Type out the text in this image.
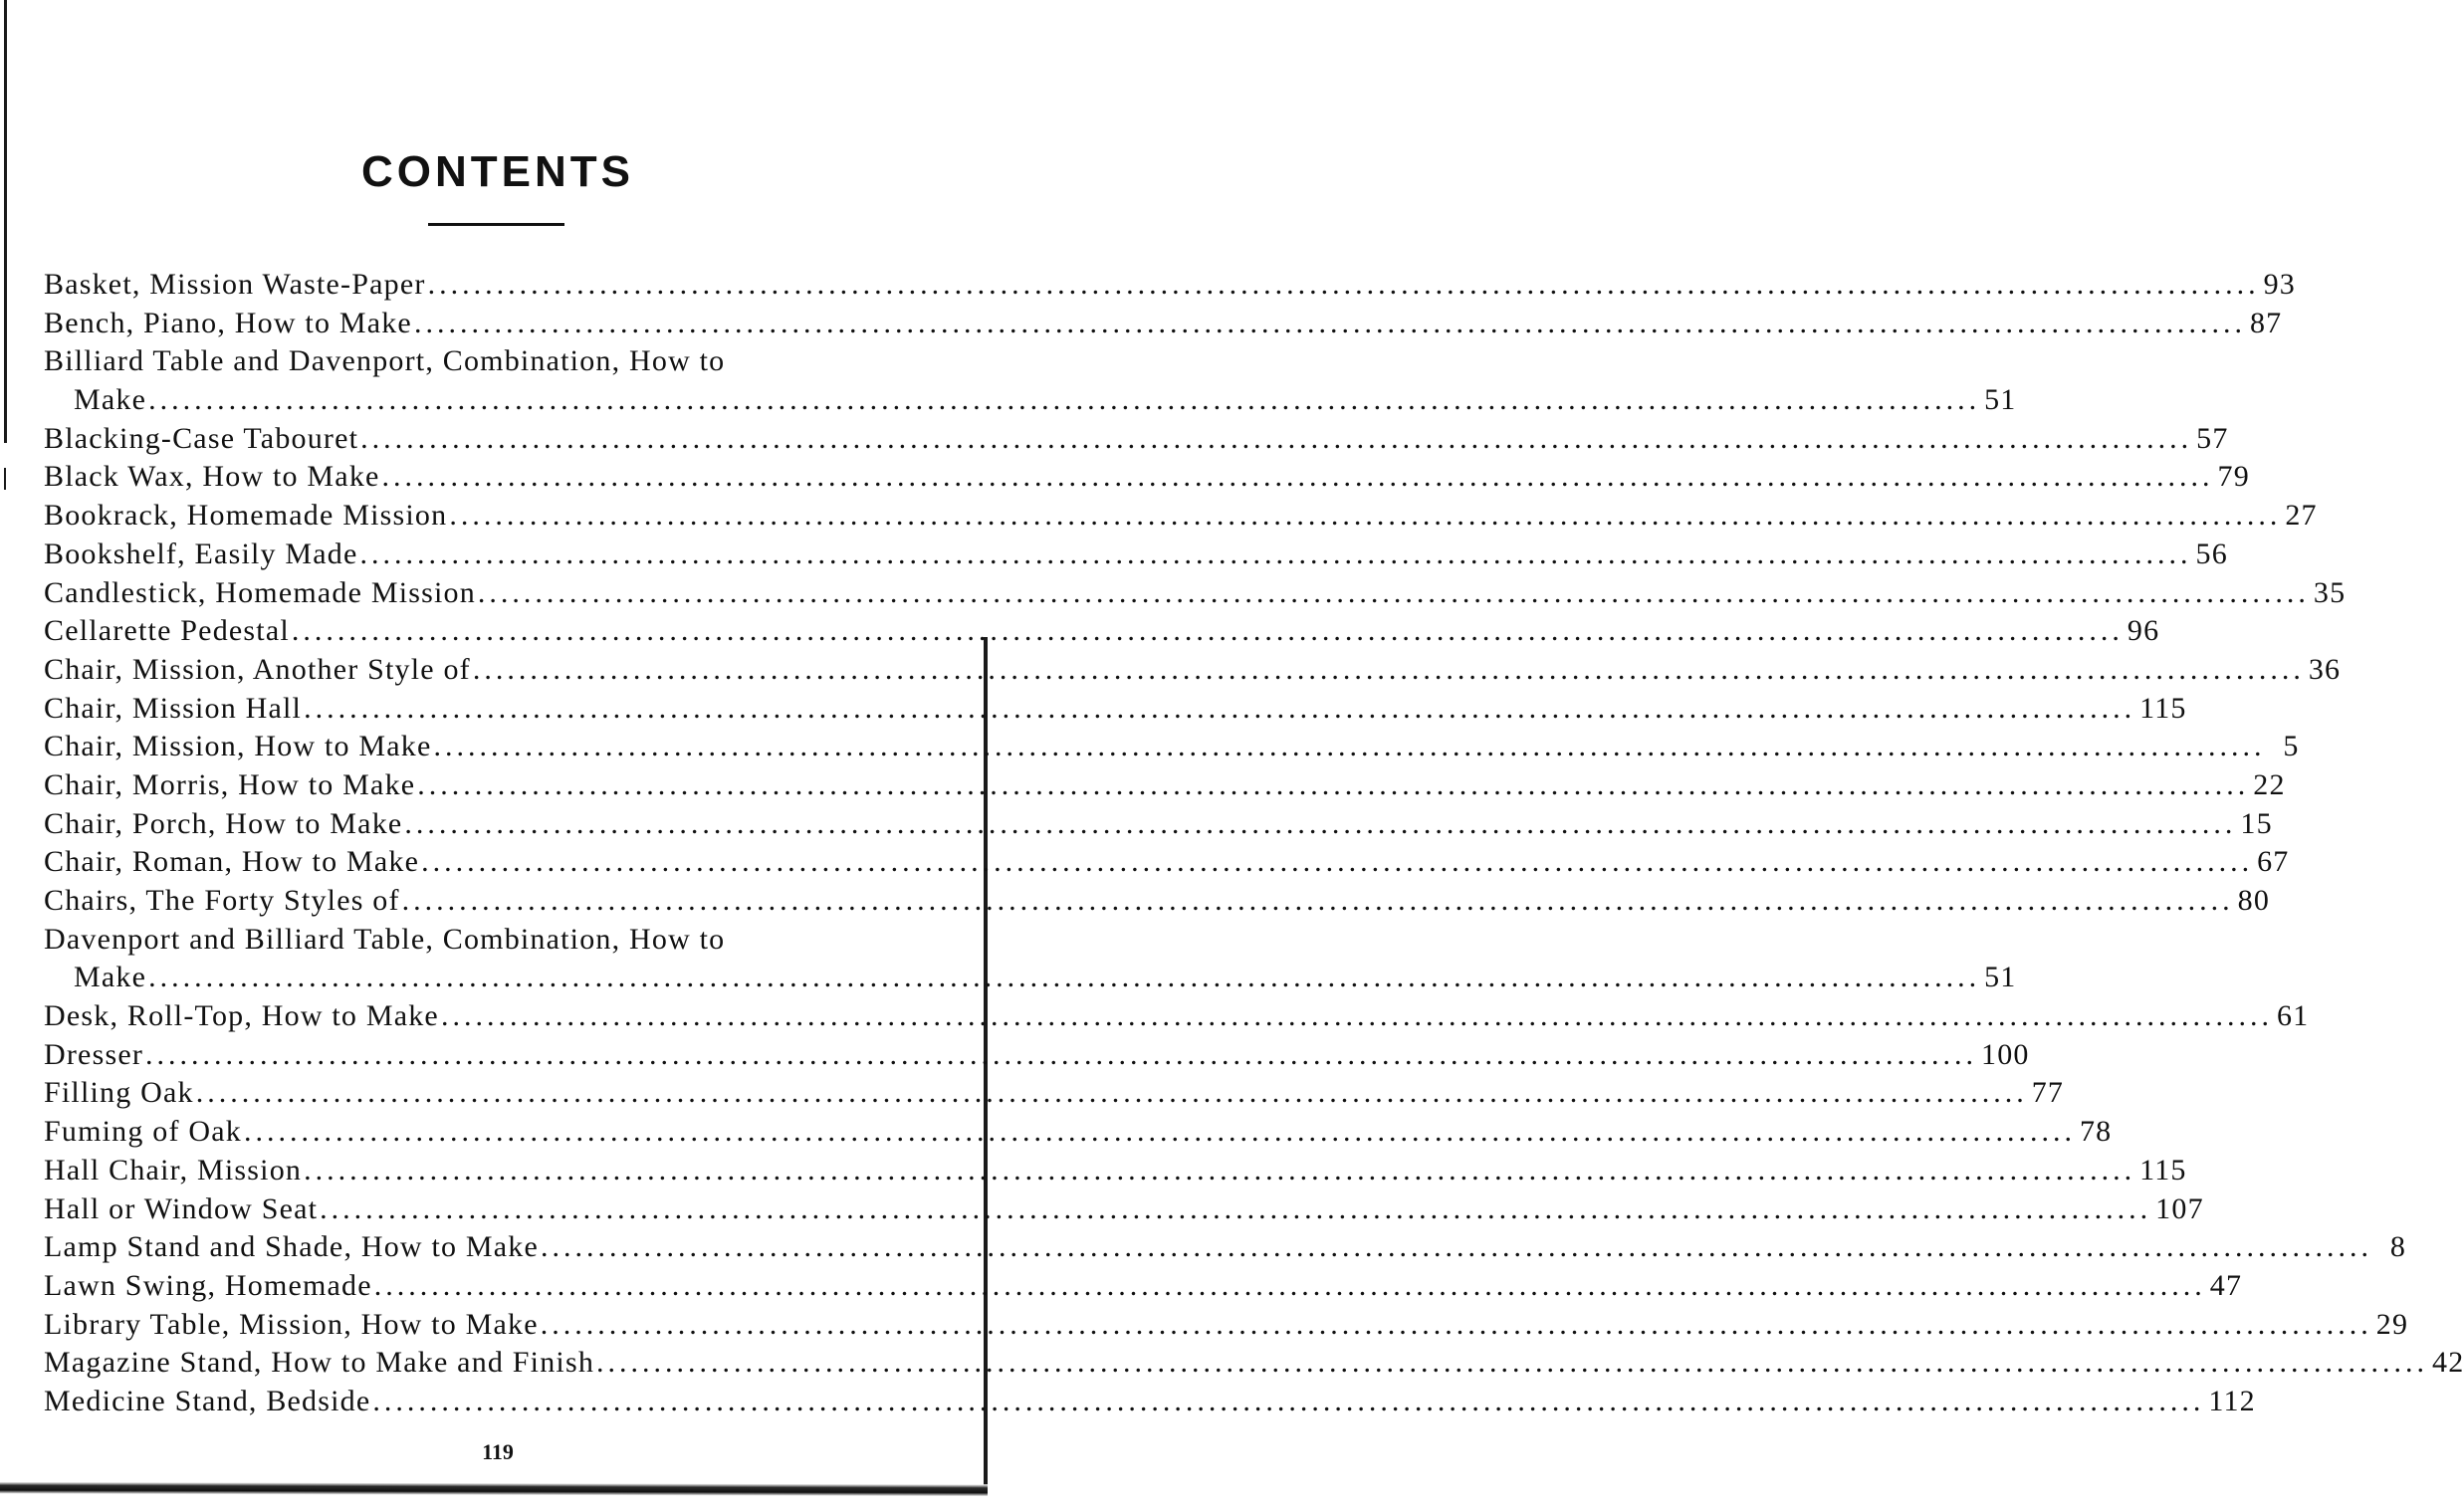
CONTENTS
Basket, Mission Waste-Paper ................................................................................................................................................................ 93
Bench, Piano, How to Make ................................................................................................................................................................ 87
Billiard Table and Davenport, Combination, How to
Make ................................................................................................................................................................ 51
Blacking-Case Tabouret ................................................................................................................................................................ 57
Black Wax, How to Make ................................................................................................................................................................ 79
Bookrack, Homemade Mission ................................................................................................................................................................ 27
Bookshelf, Easily Made ................................................................................................................................................................ 56
Candlestick, Homemade Mission ................................................................................................................................................................ 35
Cellarette Pedestal ................................................................................................................................................................ 96
Chair, Mission, Another Style of ................................................................................................................................................................ 36
Chair, Mission Hall ................................................................................................................................................................ 115
Chair, Mission, How to Make ................................................................................................................................................................ 5
Chair, Morris, How to Make ................................................................................................................................................................ 22
Chair, Porch, How to Make ................................................................................................................................................................ 15
Chair, Roman, How to Make ................................................................................................................................................................ 67
Chairs, The Forty Styles of ................................................................................................................................................................ 80
Davenport and Billiard Table, Combination, How to
Make ................................................................................................................................................................ 51
Desk, Roll-Top, How to Make ................................................................................................................................................................ 61
Dresser ................................................................................................................................................................ 100
Filling Oak ................................................................................................................................................................ 77
Fuming of Oak ................................................................................................................................................................ 78
Hall Chair, Mission ................................................................................................................................................................ 115
Hall or Window Seat ................................................................................................................................................................ 107
Lamp Stand and Shade, How to Make ................................................................................................................................................................ 8
Lawn Swing, Homemade ................................................................................................................................................................ 47
Library Table, Mission, How to Make ................................................................................................................................................................ 29
Magazine Stand, How to Make and Finish ................................................................................................................................................................ 42
Medicine Stand, Bedside ................................................................................................................................................................ 112
119
